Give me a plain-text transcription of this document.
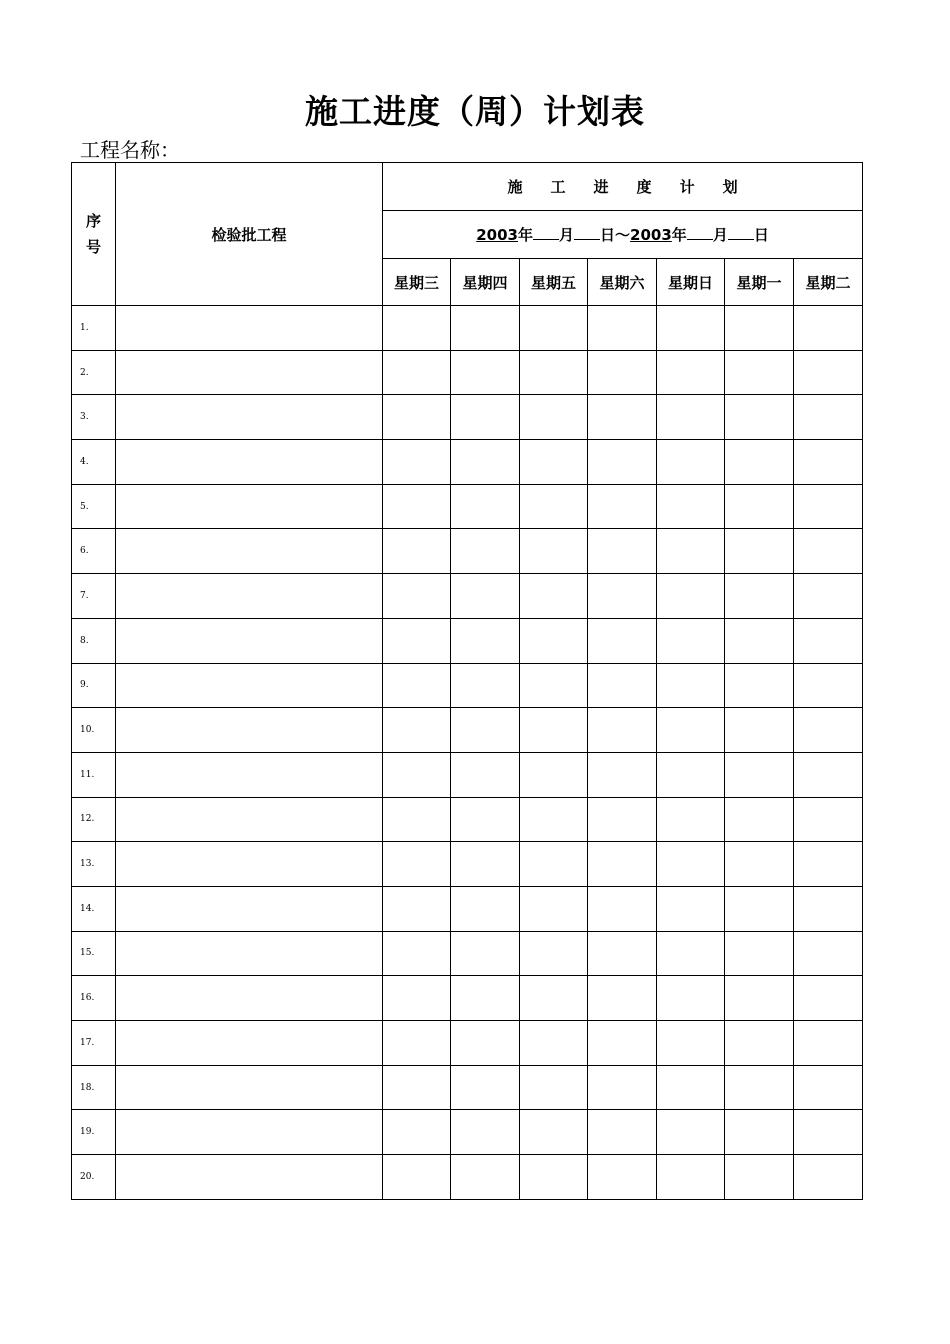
施工进度（周）计划表
工程名称：
序
号	检验批工程	施 工 进 度 计 划						
		2003年 月 日～2003年 月 日						
		星期三	星期四	星期五	星期六	星期日	星期一	星期二
1.								
2.								
3.								
4.								
5.								
6.								
7.								
8.								
9.								
10.								
11.								
12.								
13.								
14.								
15.								
16.								
17.								
18.								
19.								
20.								
